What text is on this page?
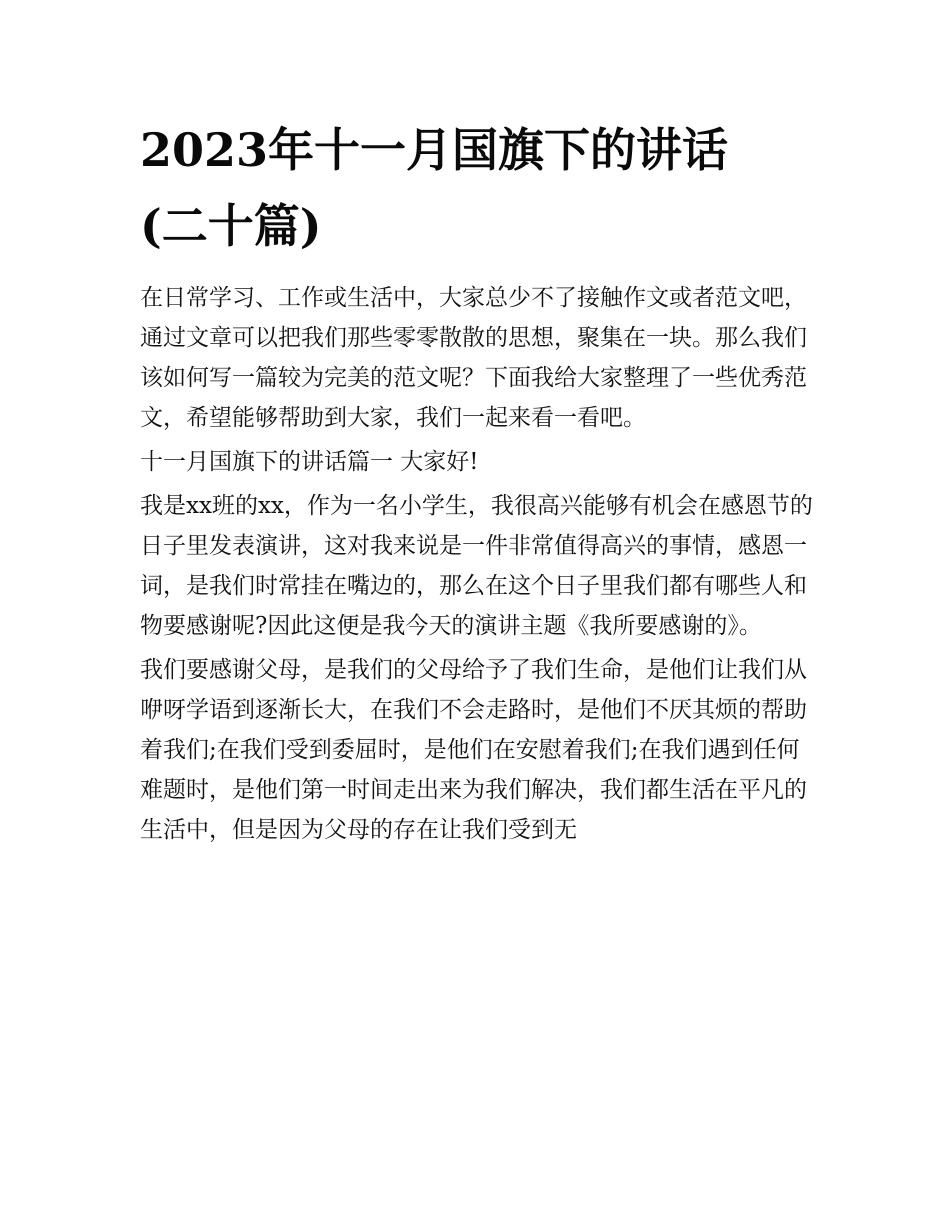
2023年十一月国旗下的讲话
(二十篇)

在日常学习、工作或生活中，大家总少不了接触作文或者范文吧，通过文章可以把我们那些零零散散的思想，聚集在一块。那么我们该如何写一篇较为完美的范文呢？下面我给大家整理了一些优秀范文，希望能够帮助到大家，我们一起来看一看吧。

十一月国旗下的讲话篇一 大家好!

我是xx班的xx，作为一名小学生，我很高兴能够有机会在感恩节的日子里发表演讲，这对我来说是一件非常值得高兴的事情，感恩一词，是我们时常挂在嘴边的，那么在这个日子里我们都有哪些人和物要感谢呢?因此这便是我今天的演讲主题《我所要感谢的》。

我们要感谢父母，是我们的父母给予了我们生命，是他们让我们从咿呀学语到逐渐长大，在我们不会走路时，是他们不厌其烦的帮助着我们;在我们受到委屈时，是他们在安慰着我们;在我们遇到任何难题时，是他们第一时间走出来为我们解决，我们都生活在平凡的生活中，但是因为父母的存在让我们受到无
